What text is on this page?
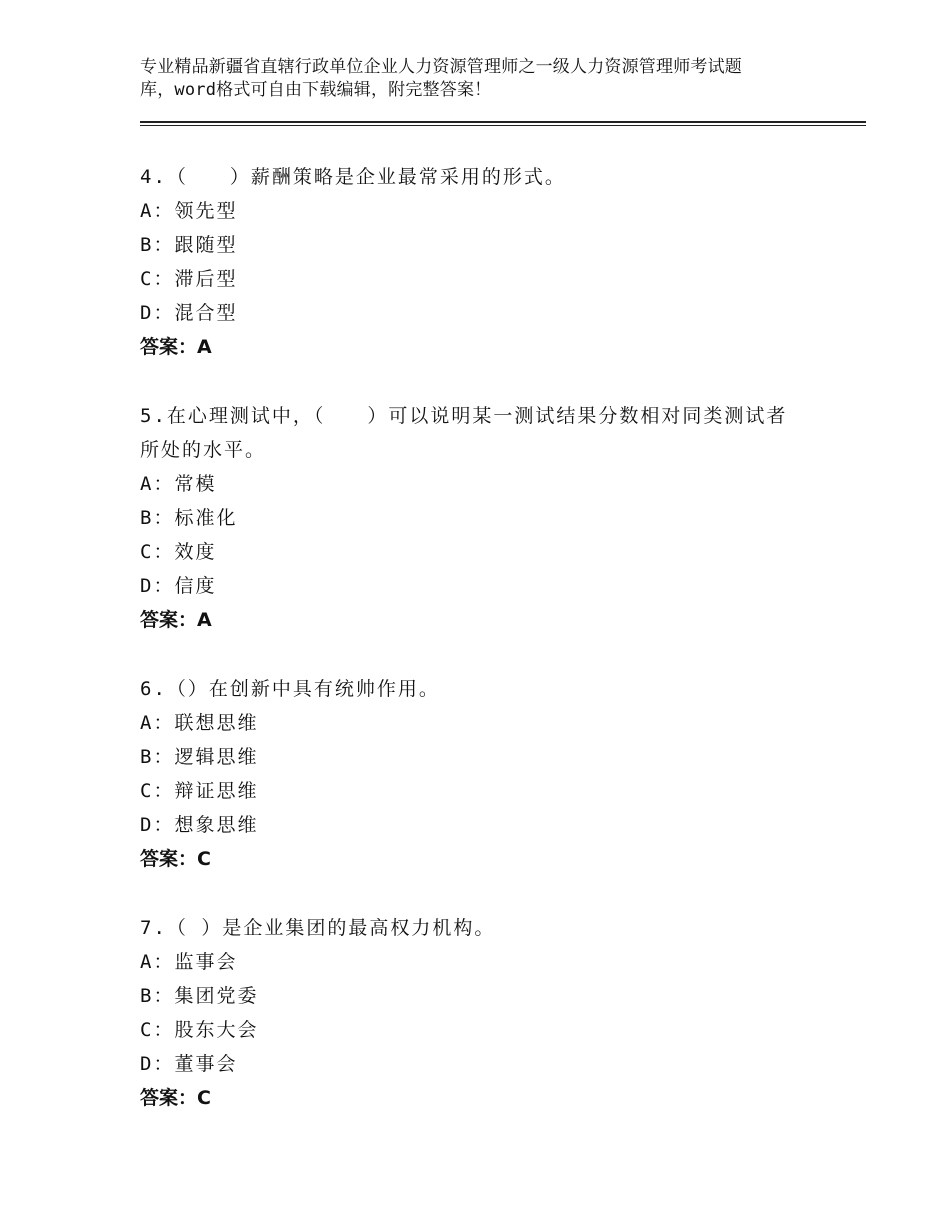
专业精品新疆省直辖行政单位企业人力资源管理师之一级人力资源管理师考试题
库，word格式可自由下载编辑，附完整答案！

4.（　　）薪酬策略是企业最常采用的形式。

A：领先型

B：跟随型

C：滞后型

D：混合型

答案：A

5.在心理测试中，（　　）可以说明某一测试结果分数相对同类测试者

所处的水平。

A：常模

B：标准化

C：效度

D：信度

答案：A

6.（）在创新中具有统帅作用。

A：联想思维

B：逻辑思维

C：辩证思维

D：想象思维

答案：C

7.（ ）是企业集团的最高权力机构。

A：监事会

B：集团党委

C：股东大会

D：董事会

答案：C
